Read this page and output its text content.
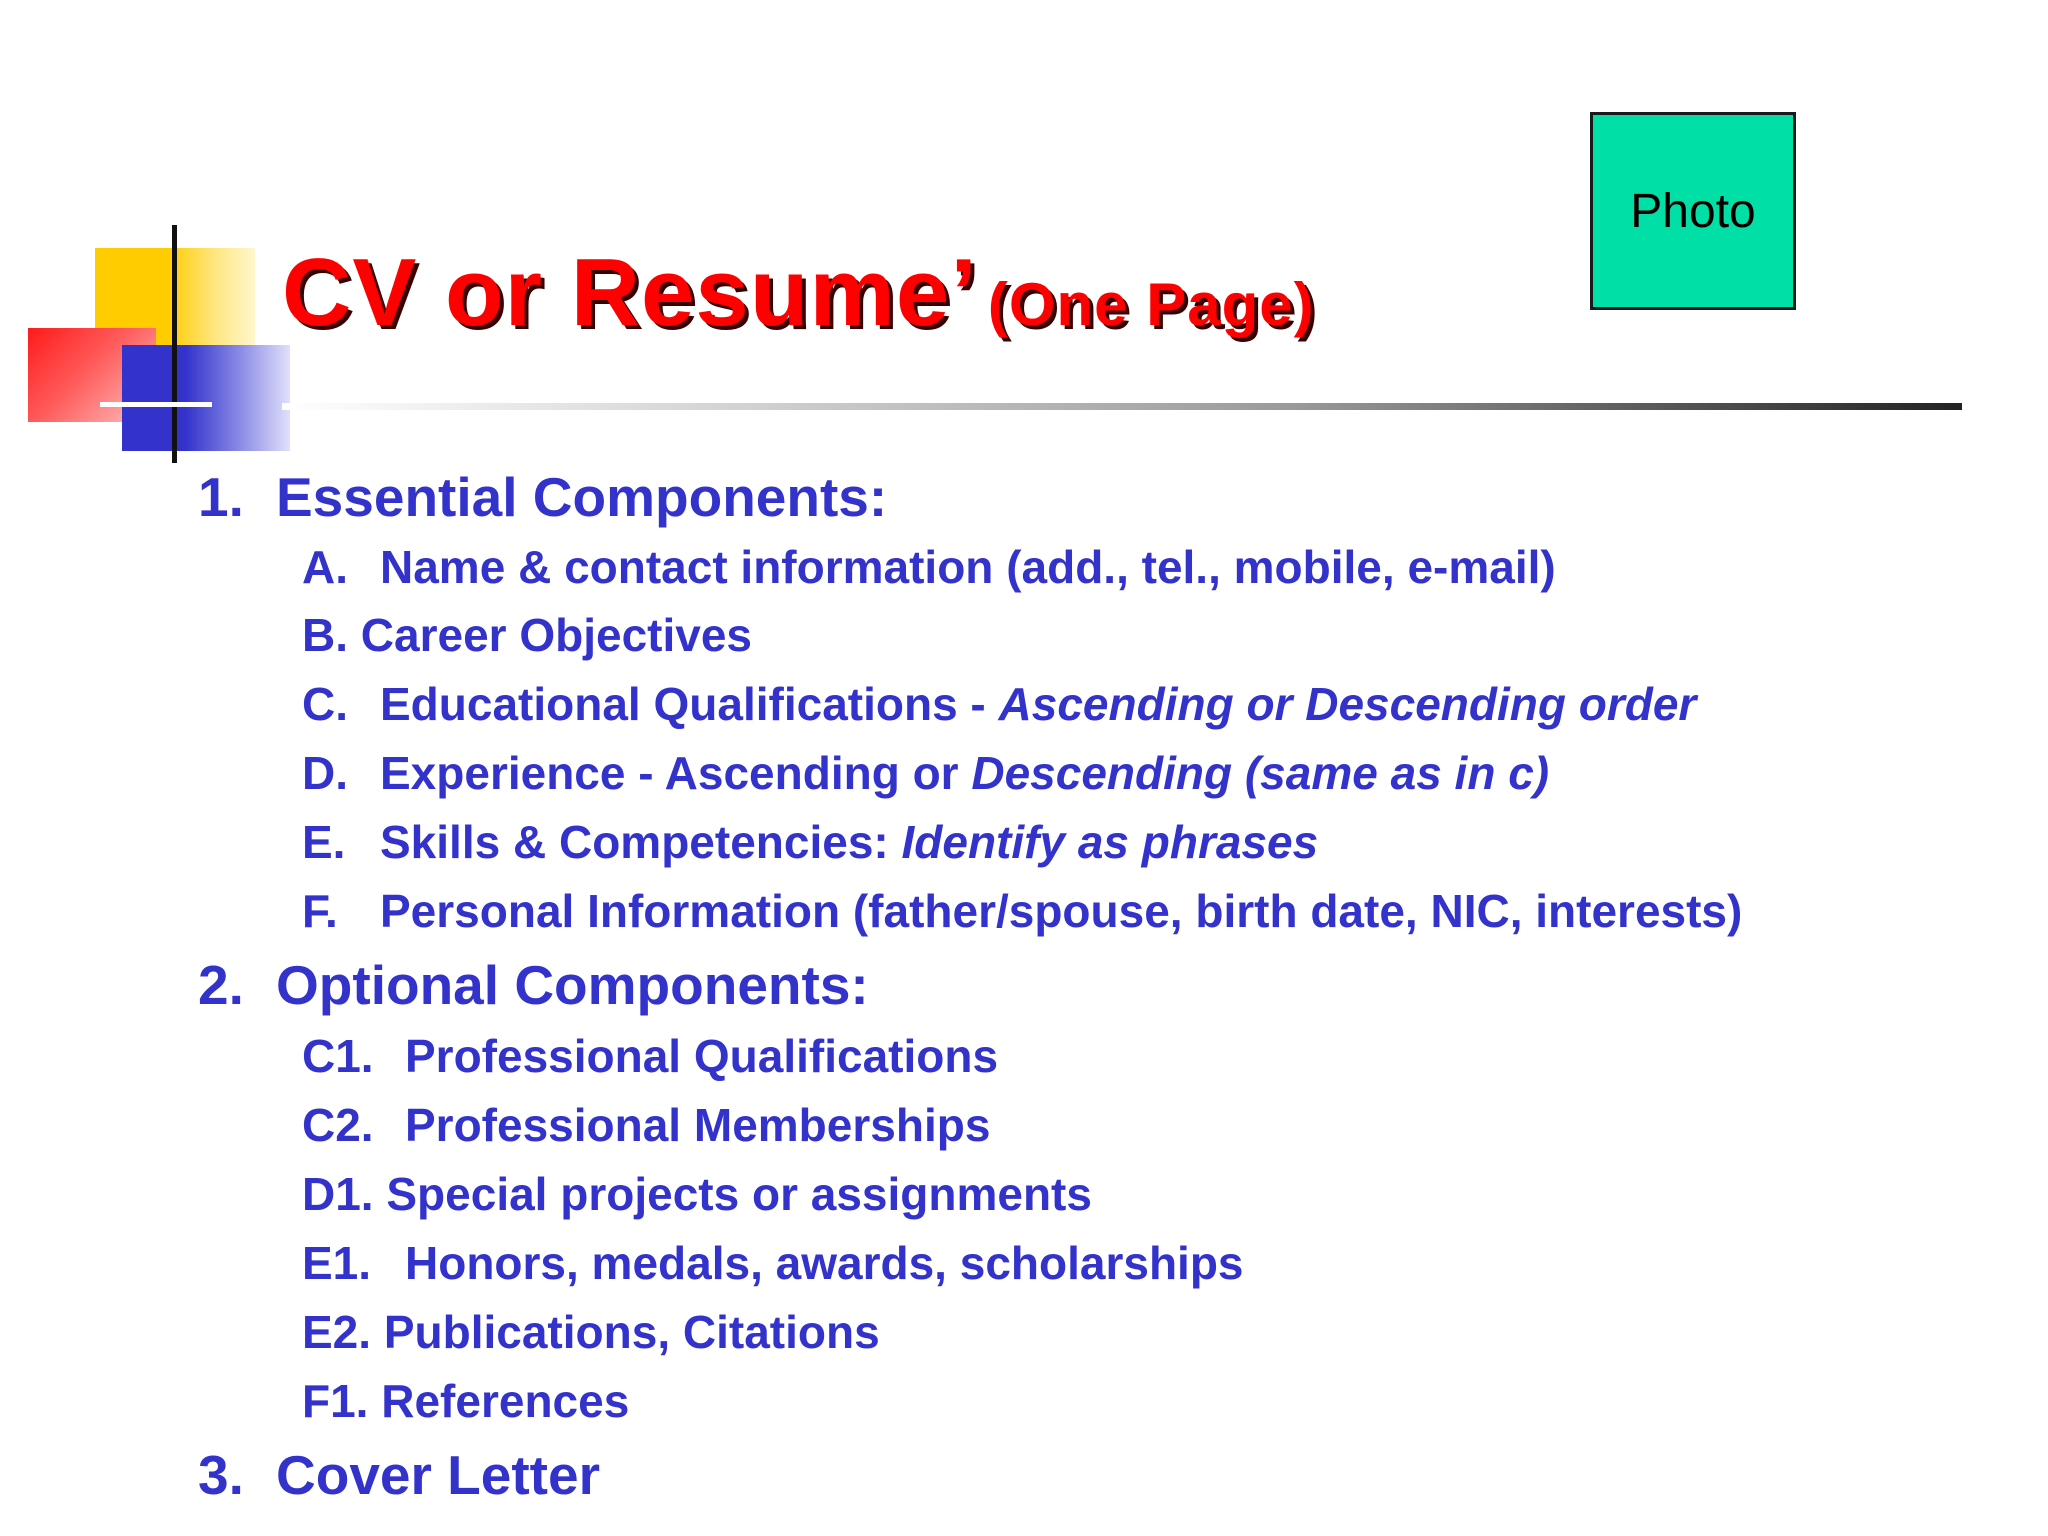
CV or Resume’ (One Page)
Photo
1. Essential Components:
A. Name & contact information (add., tel., mobile, e-mail)
B. Career Objectives
C. Educational Qualifications - Ascending or Descending order
D. Experience - Ascending or Descending (same as in c)
E. Skills & Competencies: Identify as phrases
F. Personal Information (father/spouse, birth date, NIC, interests)
2. Optional Components:
C1. Professional Qualifications
C2. Professional Memberships
D1. Special projects or assignments
E1. Honors, medals, awards, scholarships
E2. Publications, Citations
F1. References
3. Cover Letter
